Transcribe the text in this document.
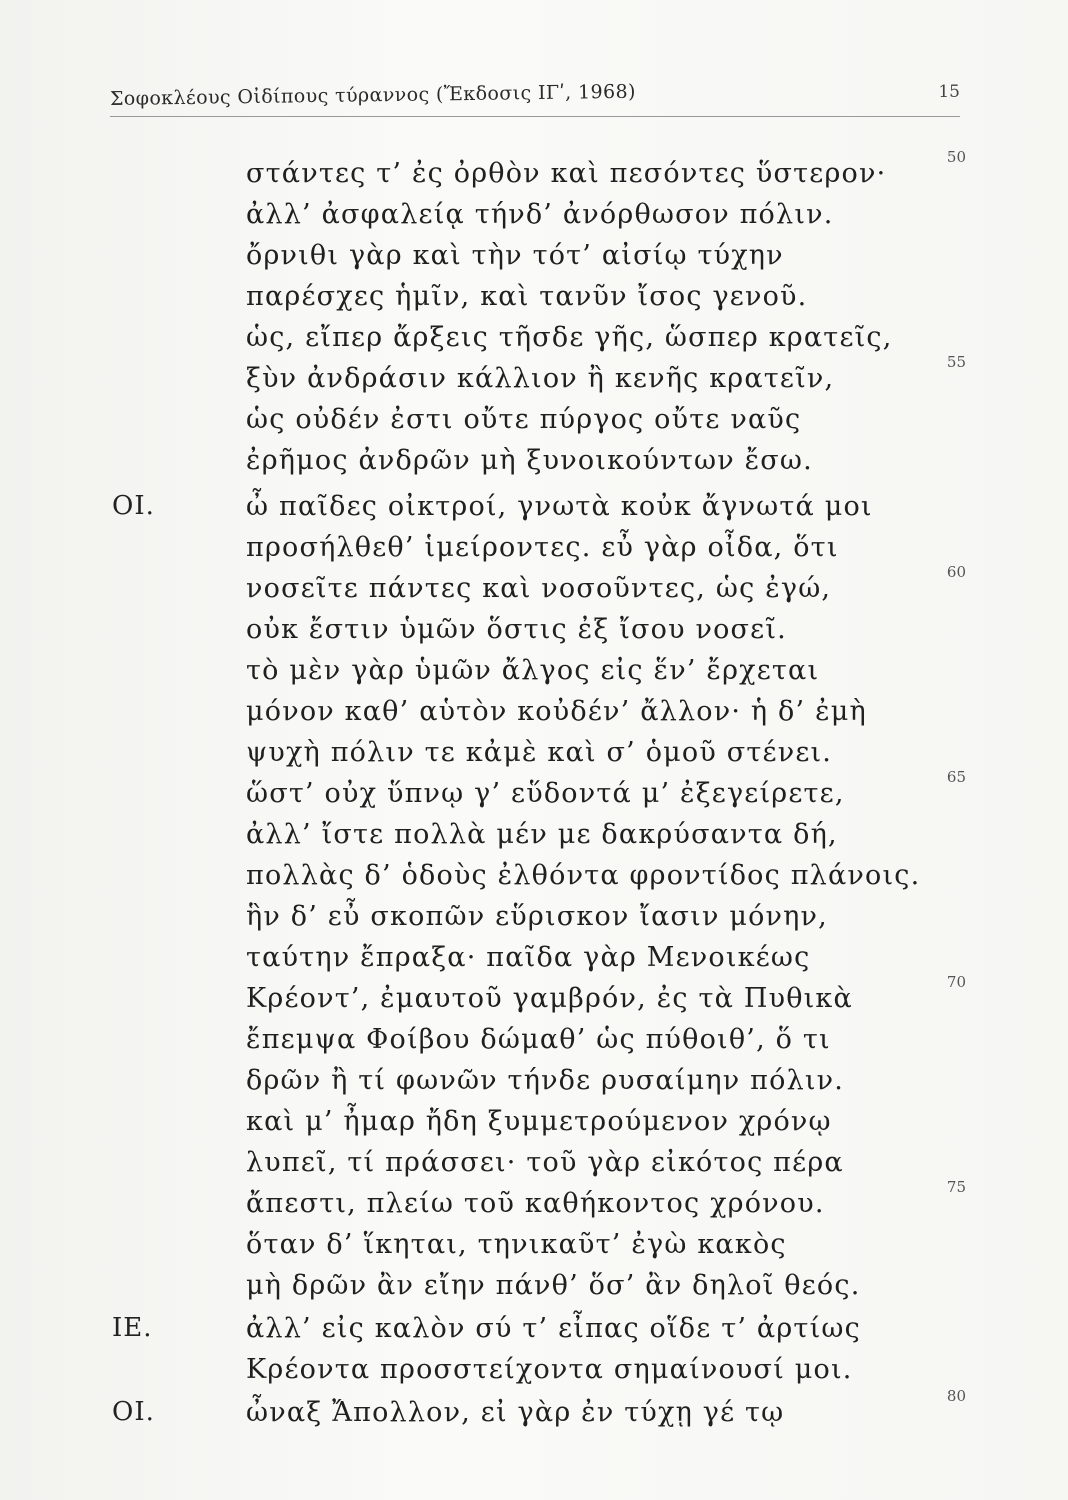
Σοφοκλέους Οἰδίπους τύραννος (Ἔκδοσις ΙΓʹ, 1968)	15
στάντες τ’ ἐς ὀρθὸν καὶ πεσόντες ὕστερον·
50
ἀλλ’ ἀσφαλείᾳ τήνδ’ ἀνόρθωσον πόλιν.
ὄρνιθι γὰρ καὶ τὴν τότ’ αἰσίῳ τύχην
παρέσχες ἡμῖν, καὶ τανῦν ἴσος γενοῦ.
ὡς, εἴπερ ἄρξεις τῆσδε γῆς, ὥσπερ κρατεῖς,
ξὺν ἀνδράσιν κάλλιον ἢ κενῆς κρατεῖν,
55
ὡς οὐδέν ἐστι οὔτε πύργος οὔτε ναῦς
ἐρῆμος ἀνδρῶν μὴ ξυνοικούντων ἔσω.
ΟΙ.	ὦ παῖδες οἰκτροί, γνωτὰ κοὐκ ἄγνωτά μοι
προσήλθεθ’ ἱμείροντες. εὖ γὰρ οἶδα, ὅτι
νοσεῖτε πάντες καὶ νοσοῦντες, ὡς ἐγώ,
60
οὐκ ἔστιν ὑμῶν ὅστις ἐξ ἴσου νοσεῖ.
τὸ μὲν γὰρ ὑμῶν ἄλγος εἰς ἕν’ ἔρχεται
μόνον καθ’ αὑτὸν κοὐδέν’ ἄλλον· ἡ δ’ ἐμὴ
ψυχὴ πόλιν τε κἀμὲ καὶ σ’ ὁμοῦ στένει.
ὥστ’ οὐχ ὕπνῳ γ’ εὕδοντά μ’ ἐξεγείρετε,
65
ἀλλ’ ἴστε πολλὰ μέν με δακρύσαντα δή,
πολλὰς δ’ ὁδοὺς ἐλθόντα φροντίδος πλάνοις.
ἣν δ’ εὖ σκοπῶν εὕρισκον ἴασιν μόνην,
ταύτην ἔπραξα· παῖδα γὰρ Μενοικέως
Κρέοντ’, ἐμαυτοῦ γαμβρόν, ἐς τὰ Πυθικὰ
70
ἔπεμψα Φοίβου δώμαθ’ ὡς πύθοιθ’, ὅ τι
δρῶν ἢ τί φωνῶν τήνδε ρυσαίμην πόλιν.
καὶ μ’ ἦμαρ ἤδη ξυμμετρούμενον χρόνῳ
λυπεῖ, τί πράσσει· τοῦ γὰρ εἰκότος πέρα
ἄπεστι, πλείω τοῦ καθήκοντος χρόνου.
75
ὅταν δ’ ἵκηται, τηνικαῦτ’ ἐγὼ κακὸς
μὴ δρῶν ἂν εἴην πάνθ’ ὅσ’ ἂν δηλοῖ θεός.
ΙΕ.	ἀλλ’ εἰς καλὸν σύ τ’ εἶπας οἵδε τ’ ἀρτίως
Κρέοντα προσστείχοντα σημαίνουσί μοι.
ΟΙ.	ὦναξ Ἄπολλον, εἰ γὰρ ἐν τύχῃ γέ τῳ
80
